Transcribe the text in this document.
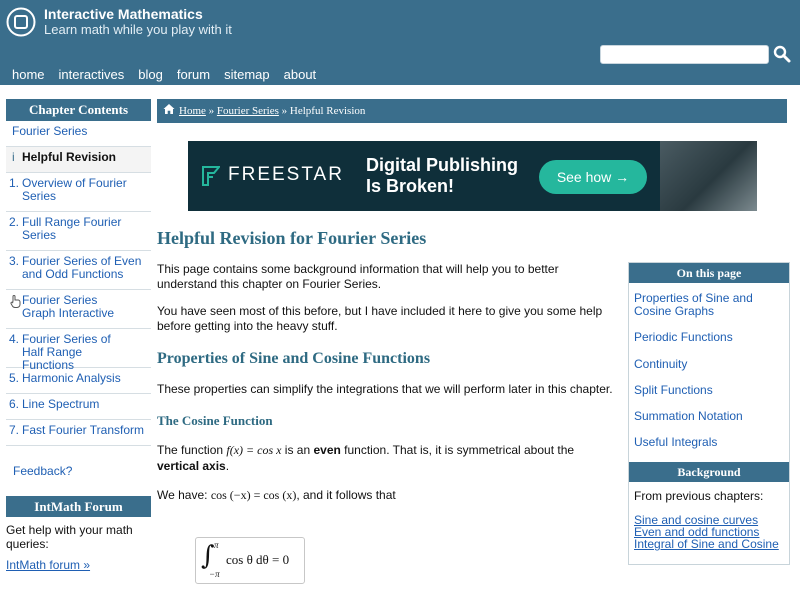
Interactive Mathematics
Learn math while you play with it
home interactives blog forum sitemap about
Chapter Contents
Fourier Series
i Helpful Revision
1. Overview of Fourier Series
2. Full Range Fourier Series
3. Fourier Series of Even and Odd Functions
Fourier Series Graph Interactive
4. Fourier Series of Half Range Functions
5. Harmonic Analysis
6. Line Spectrum
7. Fast Fourier Transform
Feedback?
IntMath Forum
Get help with your math queries:
IntMath forum »
Home » Fourier Series » Helpful Revision
FREESTAR Digital Publishing Is Broken!	See how →
Helpful Revision for Fourier Series

This page contains some background information that will help you to better understand this chapter on Fourier Series.

You have seen most of this before, but I have included it here to give you some help before getting into the heavy stuff.

Properties of Sine and Cosine Functions

These properties can simplify the integrations that we will perform later in this chapter.

The Cosine Function

The function f(x) = cos x is an even function. That is, it is symmetrical about the vertical axis.

We have: cos (−x) = cos (x), and it follows that

∫ π
−π
cos θ dθ = 0
On this page
Properties of Sine and Cosine Graphs
Periodic Functions
Continuity
Split Functions
Summation Notation
Useful Integrals
Background
From previous chapters:
Sine and cosine curves
Even and odd functions
Integral of Sine and Cosine
